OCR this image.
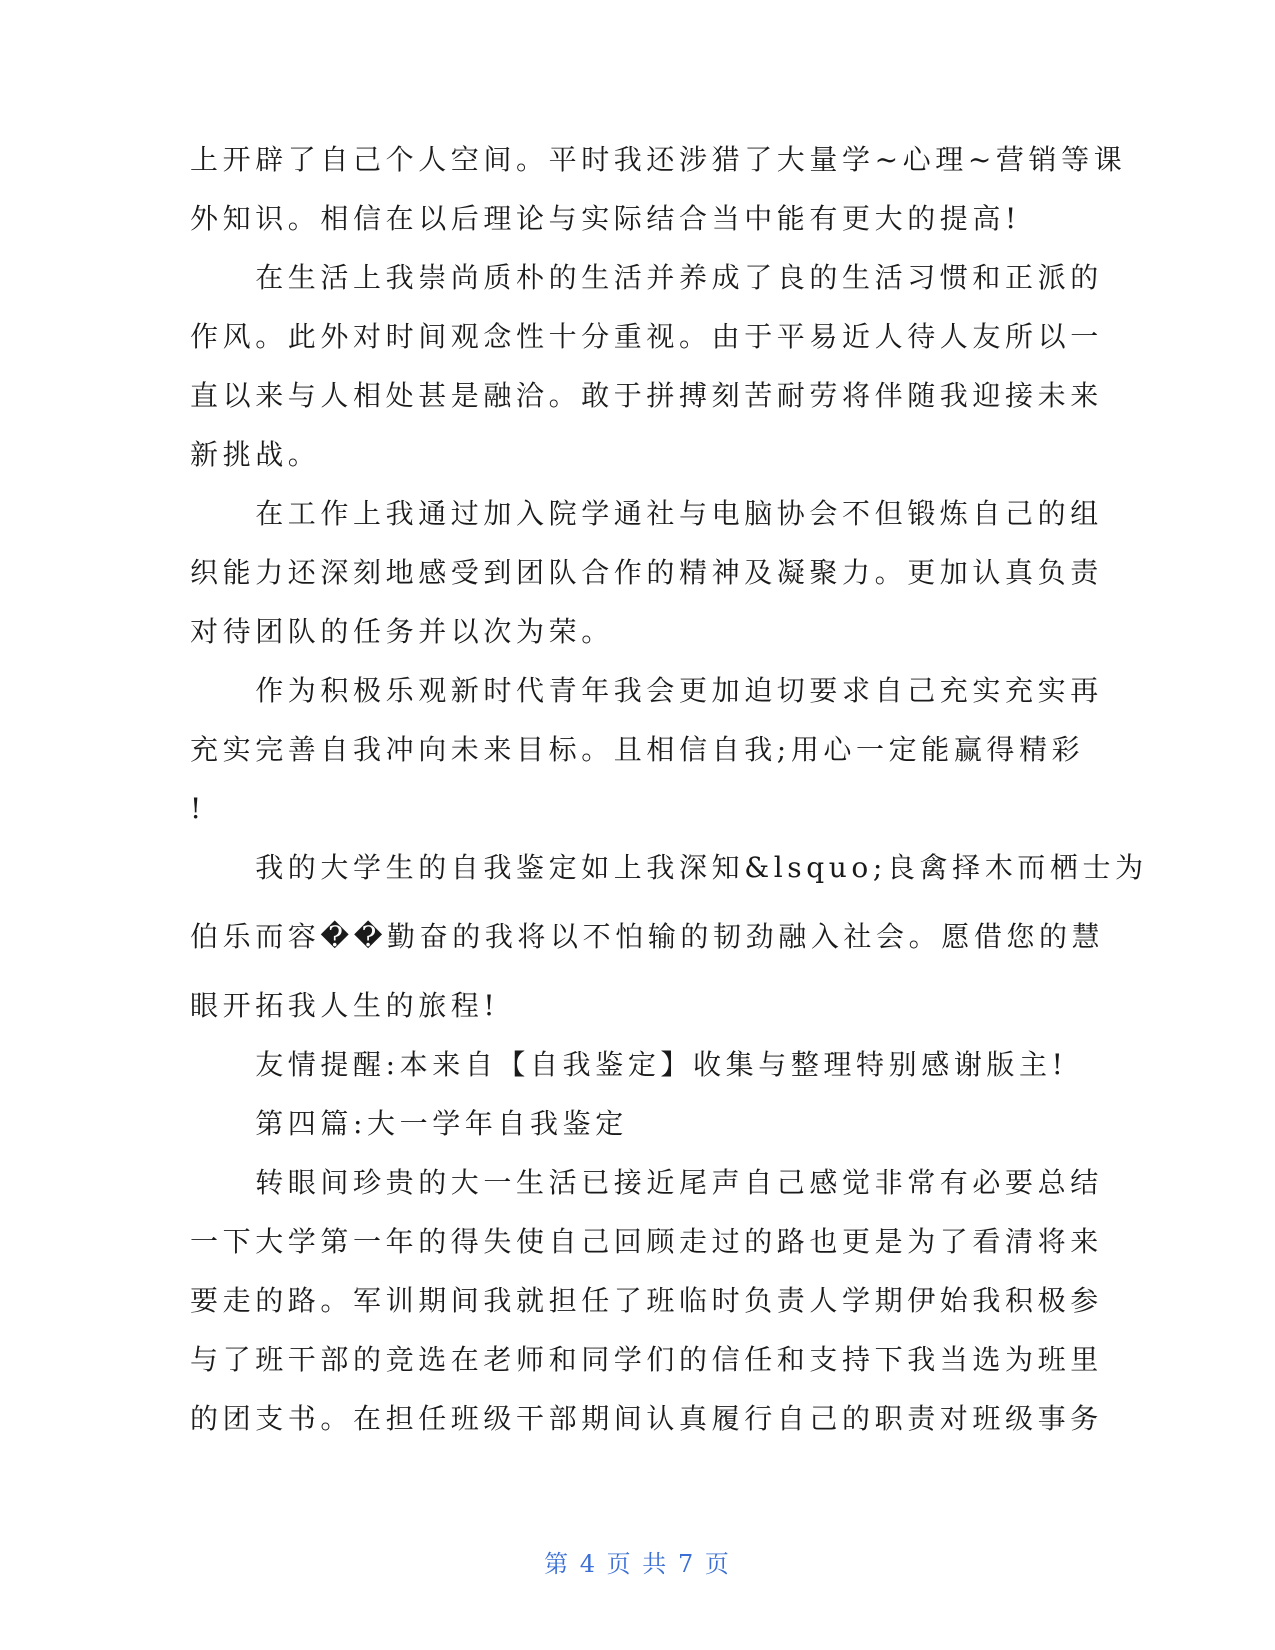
上开辟了自己个人空间。平时我还涉猎了大量学~心理~营销等课
外知识。相信在以后理论与实际结合当中能有更大的提高!
　　在生活上我崇尚质朴的生活并养成了良的生活习惯和正派的
作风。此外对时间观念性十分重视。由于平易近人待人友所以一
直以来与人相处甚是融洽。敢于拼搏刻苦耐劳将伴随我迎接未来
新挑战。
　　在工作上我通过加入院学通社与电脑协会不但锻炼自己的组
织能力还深刻地感受到团队合作的精神及凝聚力。更加认真负责
对待团队的任务并以次为荣。
　　作为积极乐观新时代青年我会更加迫切要求自己充实充实再
充实完善自我冲向未来目标。且相信自我;用心一定能赢得精彩
!
　　我的大学生的自我鉴定如上我深知&lsquo;良禽择木而栖士为
伯乐而容��勤奋的我将以不怕输的韧劲融入社会。愿借您的慧
眼开拓我人生的旅程!
　　友情提醒:本来自【自我鉴定】收集与整理特别感谢版主!
　　第四篇:大一学年自我鉴定
　　转眼间珍贵的大一生活已接近尾声自己感觉非常有必要总结
一下大学第一年的得失使自己回顾走过的路也更是为了看清将来
要走的路。军训期间我就担任了班临时负责人学期伊始我积极参
与了班干部的竞选在老师和同学们的信任和支持下我当选为班里
的团支书。在担任班级干部期间认真履行自己的职责对班级事务
第 4 页 共 7 页
